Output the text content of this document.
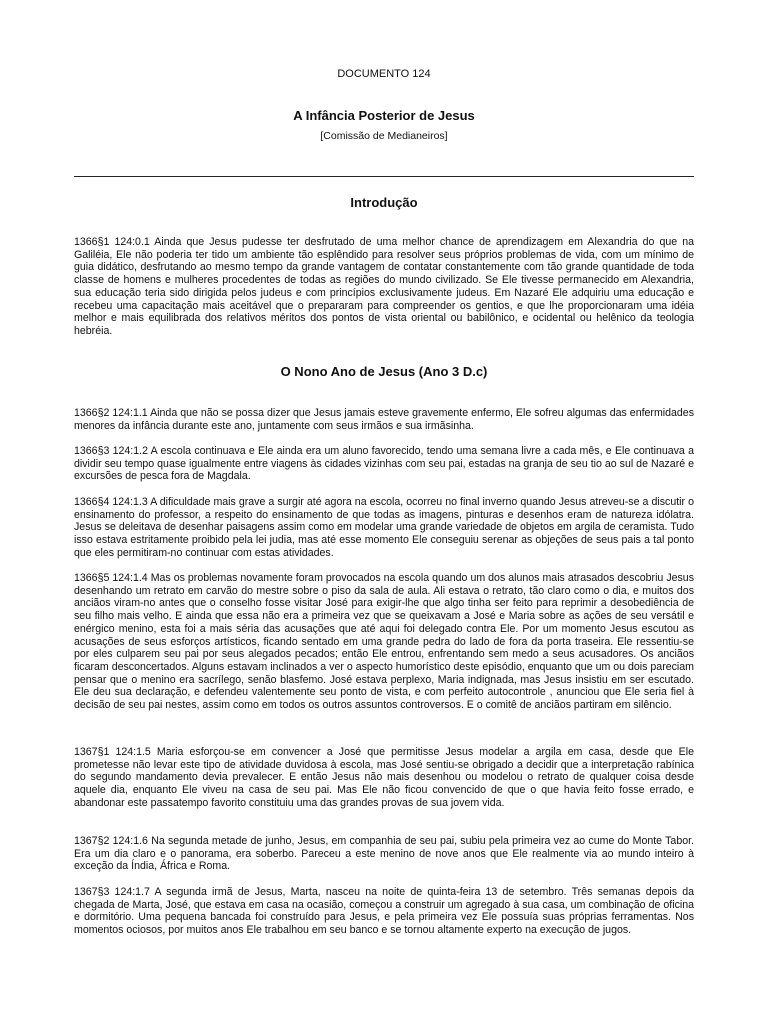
DOCUMENTO 124
A Infância Posterior de Jesus
[Comissão de Medianeiros]
Introdução

1366§1 124:0.1 Ainda que Jesus pudesse ter desfrutado de uma melhor chance de aprendizagem em Alexandria do que na Galiléia, Ele não poderia ter tido um ambiente tão esplêndido para resolver seus próprios problemas de vida, com um mínimo de guia didático, desfrutando ao mesmo tempo da grande vantagem de contatar constantemente com tão grande quantidade de toda classe de homens e mulheres procedentes de todas as regiões do mundo civilizado. Se Ele tivesse permanecido em Alexandria, sua educação teria sido dirigida pelos judeus e com princípios exclusivamente judeus. Em Nazaré Ele adquiriu uma educação e recebeu uma capacitação mais aceitável que o prepararam para compreender os gentios, e que lhe proporcionaram uma idéia melhor e mais equilibrada dos relativos méritos dos pontos de vista oriental ou babilônico, e ocidental ou helênico da teologia hebréia.

O Nono Ano de Jesus (Ano 3 D.c)

1366§2 124:1.1 Ainda que não se possa dizer que Jesus jamais esteve gravemente enfermo, Ele sofreu algumas das enfermidades menores da infância durante este ano, juntamente com seus irmãos e sua irmãsinha.

1366§3 124:1.2 A escola continuava e Ele ainda era um aluno favorecido, tendo uma semana livre a cada mês, e Ele continuava a dividir seu tempo quase igualmente entre viagens às cidades vizinhas com seu pai, estadas na granja de seu tio ao sul de Nazaré e excursões de pesca fora de Magdala.

1366§4 124:1.3 A dificuldade mais grave a surgir até agora na escola, ocorreu no final inverno quando Jesus atreveu-se a discutir o ensinamento do professor, a respeito do ensinamento de que todas as imagens, pinturas e desenhos eram de natureza idólatra. Jesus se deleitava de desenhar paisagens assim como em modelar uma grande variedade de objetos em argila de ceramista. Tudo isso estava estritamente proibido pela lei judia, mas até esse momento Ele conseguiu serenar as objeções de seus pais a tal ponto que eles permitiram-no continuar com estas atividades.

1366§5 124:1.4 Mas os problemas novamente foram provocados na escola quando um dos alunos mais atrasados descobriu Jesus desenhando um retrato em carvão do mestre sobre o piso da sala de aula. Ali estava o retrato, tão claro como o dia, e muitos dos anciãos viram-no antes que o conselho fosse visitar José para exigir-lhe que algo tinha ser feito para reprimir a desobediência de seu filho mais velho. E ainda que essa não era a primeira vez que se queixavam a José e Maria sobre as ações de seu versátil e enérgico menino, esta foi a mais séria das acusações que até aqui foi delegado contra Ele. Por um momento Jesus escutou as acusações de seus esforços artísticos, ficando sentado em uma grande pedra do lado de fora da porta traseira. Ele ressentiu-se por eles culparem seu pai por seus alegados pecados; então Ele entrou, enfrentando sem medo a seus acusadores. Os anciãos ficaram desconcertados. Alguns estavam inclinados a ver o aspecto humorístico deste episódio, enquanto que um ou dois pareciam pensar que o menino era sacrílego, senão blasfemo. José estava perplexo, Maria indignada, mas Jesus insistiu em ser escutado. Ele deu sua declaração, e defendeu valentemente seu ponto de vista, e com perfeito autocontrole , anunciou que Ele seria fiel à decisão de seu pai nestes, assim como em todos os outros assuntos controversos. E o comitê de anciãos partiram em silêncio.

1367§1 124:1.5 Maria esforçou-se em convencer a José que permitisse Jesus modelar a argila em casa, desde que Ele prometesse não levar este tipo de atividade duvidosa à escola, mas José sentiu-se obrigado a decidir que a interpretação rabínica do segundo mandamento devia prevalecer. E então Jesus não mais desenhou ou modelou o retrato de qualquer coisa desde aquele dia, enquanto Ele viveu na casa de seu pai. Mas Ele não ficou convencido de que o que havia feito fosse errado, e abandonar este passatempo favorito constituiu uma das grandes provas de sua jovem vida.

1367§2 124:1.6 Na segunda metade de junho, Jesus, em companhia de seu pai, subiu pela primeira vez ao cume do Monte Tabor. Era um dia claro e o panorama, era soberbo. Pareceu a este menino de nove anos que Ele realmente via ao mundo inteiro à exceção da Índia, África e Roma.

1367§3 124:1.7 A segunda irmã de Jesus, Marta, nasceu na noite de quinta-feira 13 de setembro. Três semanas depois da chegada de Marta, José, que estava em casa na ocasião, começou a construir um agregado à sua casa, um combinação de oficina e dormitório. Uma pequena bancada foi construído para Jesus, e pela primeira vez Ele possuía suas próprias ferramentas. Nos momentos ociosos, por muitos anos Ele trabalhou em seu banco e se tornou altamente experto na execução de jugos.
